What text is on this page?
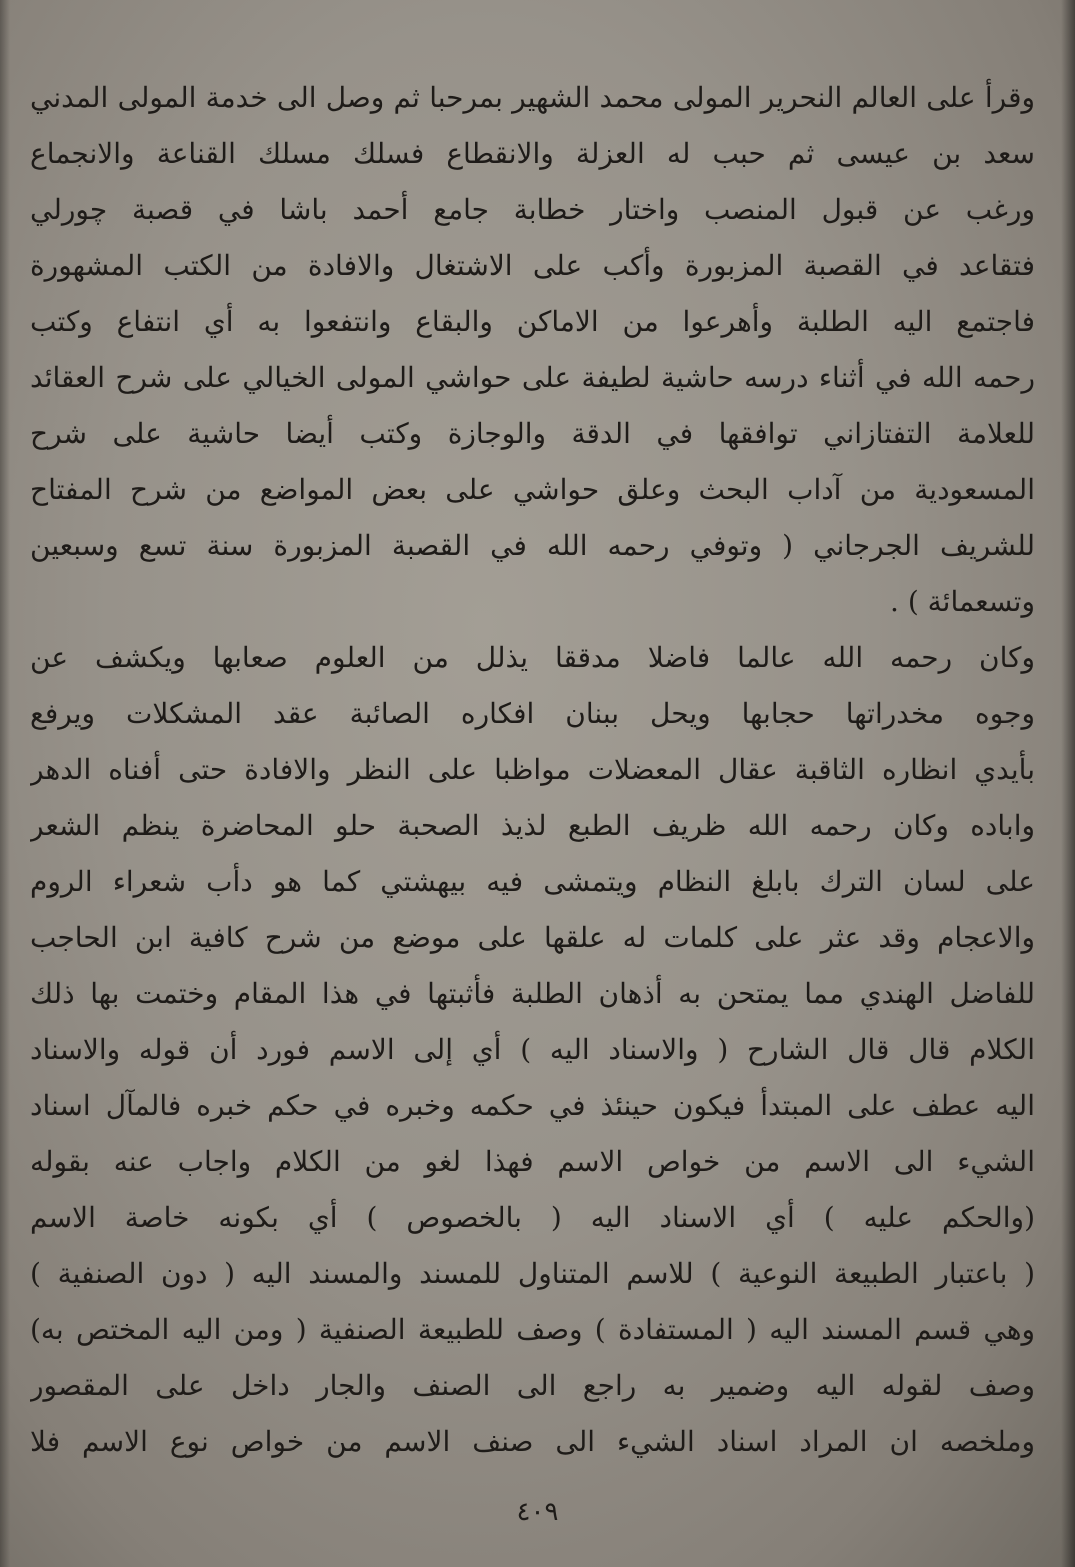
وقرأ على العالم النحرير المولى محمد الشهير بمرحبا ثم وصل الى خدمة المولى المدني
سعد بن عيسى ثم حبب له العزلة والانقطاع فسلك مسلك القناعة والانجماع
ورغب عن قبول المنصب واختار خطابة جامع أحمد باشا في قصبة چورلي
فتقاعد في القصبة المزبورة وأكب على الاشتغال والافادة من الكتب المشهورة
فاجتمع اليه الطلبة وأهرعوا من الاماكن والبقاع وانتفعوا به أي انتفاع وكتب
رحمه الله في أثناء درسه حاشية لطيفة على حواشي المولى الخيالي على شرح العقائد
للعلامة التفتازاني توافقها في الدقة والوجازة وكتب أيضا حاشية على شرح
المسعودية من آداب البحث وعلق حواشي على بعض المواضع من شرح المفتاح
للشريف الجرجاني ( وتوفي رحمه الله في القصبة المزبورة سنة تسع وسبعين
وتسعمائة ) .
وكان رحمه الله عالما فاضلا مدققا يذلل من العلوم صعابها ويكشف عن
وجوه مخدراتها حجابها ويحل ببنان افكاره الصائبة عقد المشكلات ويرفع
بأيدي انظاره الثاقبة عقال المعضلات مواظبا على النظر والافادة حتى أفناه الدهر
واباده وكان رحمه الله ظريف الطبع لذيذ الصحبة حلو المحاضرة ينظم الشعر
على لسان الترك بابلغ النظام ويتمشى فيه بيهشتي كما هو دأب شعراء الروم
والاعجام وقد عثر على كلمات له علقها على موضع من شرح كافية ابن الحاجب
للفاضل الهندي مما يمتحن به أذهان الطلبة فأثبتها في هذا المقام وختمت بها ذلك
الكلام قال قال الشارح ( والاسناد اليه ) أي إلى الاسم فورد أن قوله والاسناد
اليه عطف على المبتدأ فيكون حينئذ في حكمه وخبره في حكم خبره فالمآل اسناد
الشيء الى الاسم من خواص الاسم فهذا لغو من الكلام واجاب عنه بقوله
(والحكم عليه ) أي الاسناد اليه ( بالخصوص ) أي بكونه خاصة الاسم
( باعتبار الطبيعة النوعية ) للاسم المتناول للمسند والمسند اليه ( دون الصنفية )
وهي قسم المسند اليه ( المستفادة ) وصف للطبيعة الصنفية ( ومن اليه المختص به)
وصف لقوله اليه وضمير به راجع الى الصنف والجار داخل على المقصور
وملخصه ان المراد اسناد الشيء الى صنف الاسم من خواص نوع الاسم فلا
٤٠٩
